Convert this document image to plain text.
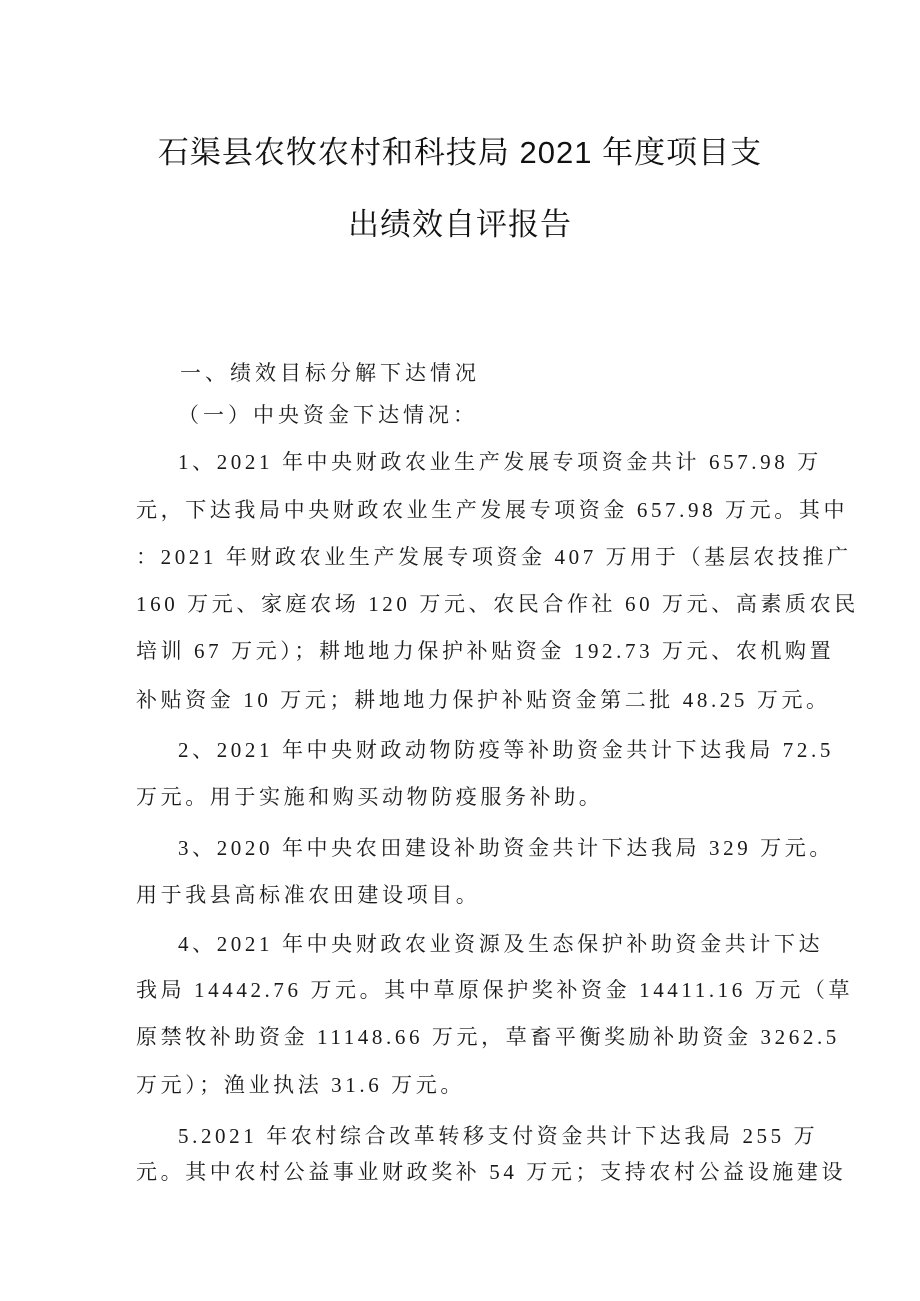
石渠县农牧农村和科技局 2021 年度项目支
出绩效自评报告
一、绩效目标分解下达情况
（一）中央资金下达情况：
1、2021 年中央财政农业生产发展专项资金共计 657.98 万
元，下达我局中央财政农业生产发展专项资金 657.98 万元。其中
：2021 年财政农业生产发展专项资金 407 万用于（基层农技推广
160 万元、家庭农场 120 万元、农民合作社 60 万元、高素质农民
培训 67 万元）；耕地地力保护补贴资金 192.73 万元、农机购置
补贴资金 10 万元；耕地地力保护补贴资金第二批 48.25 万元。
2、2021 年中央财政动物防疫等补助资金共计下达我局 72.5
万元。用于实施和购买动物防疫服务补助。
3、2020 年中央农田建设补助资金共计下达我局 329 万元。
用于我县高标准农田建设项目。
4、2021 年中央财政农业资源及生态保护补助资金共计下达
我局 14442.76 万元。其中草原保护奖补资金 14411.16 万元（草
原禁牧补助资金 11148.66 万元，草畜平衡奖励补助资金 3262.5
万元）；渔业执法 31.6 万元。
5.2021 年农村综合改革转移支付资金共计下达我局 255 万
元。其中农村公益事业财政奖补 54 万元；支持农村公益设施建设
